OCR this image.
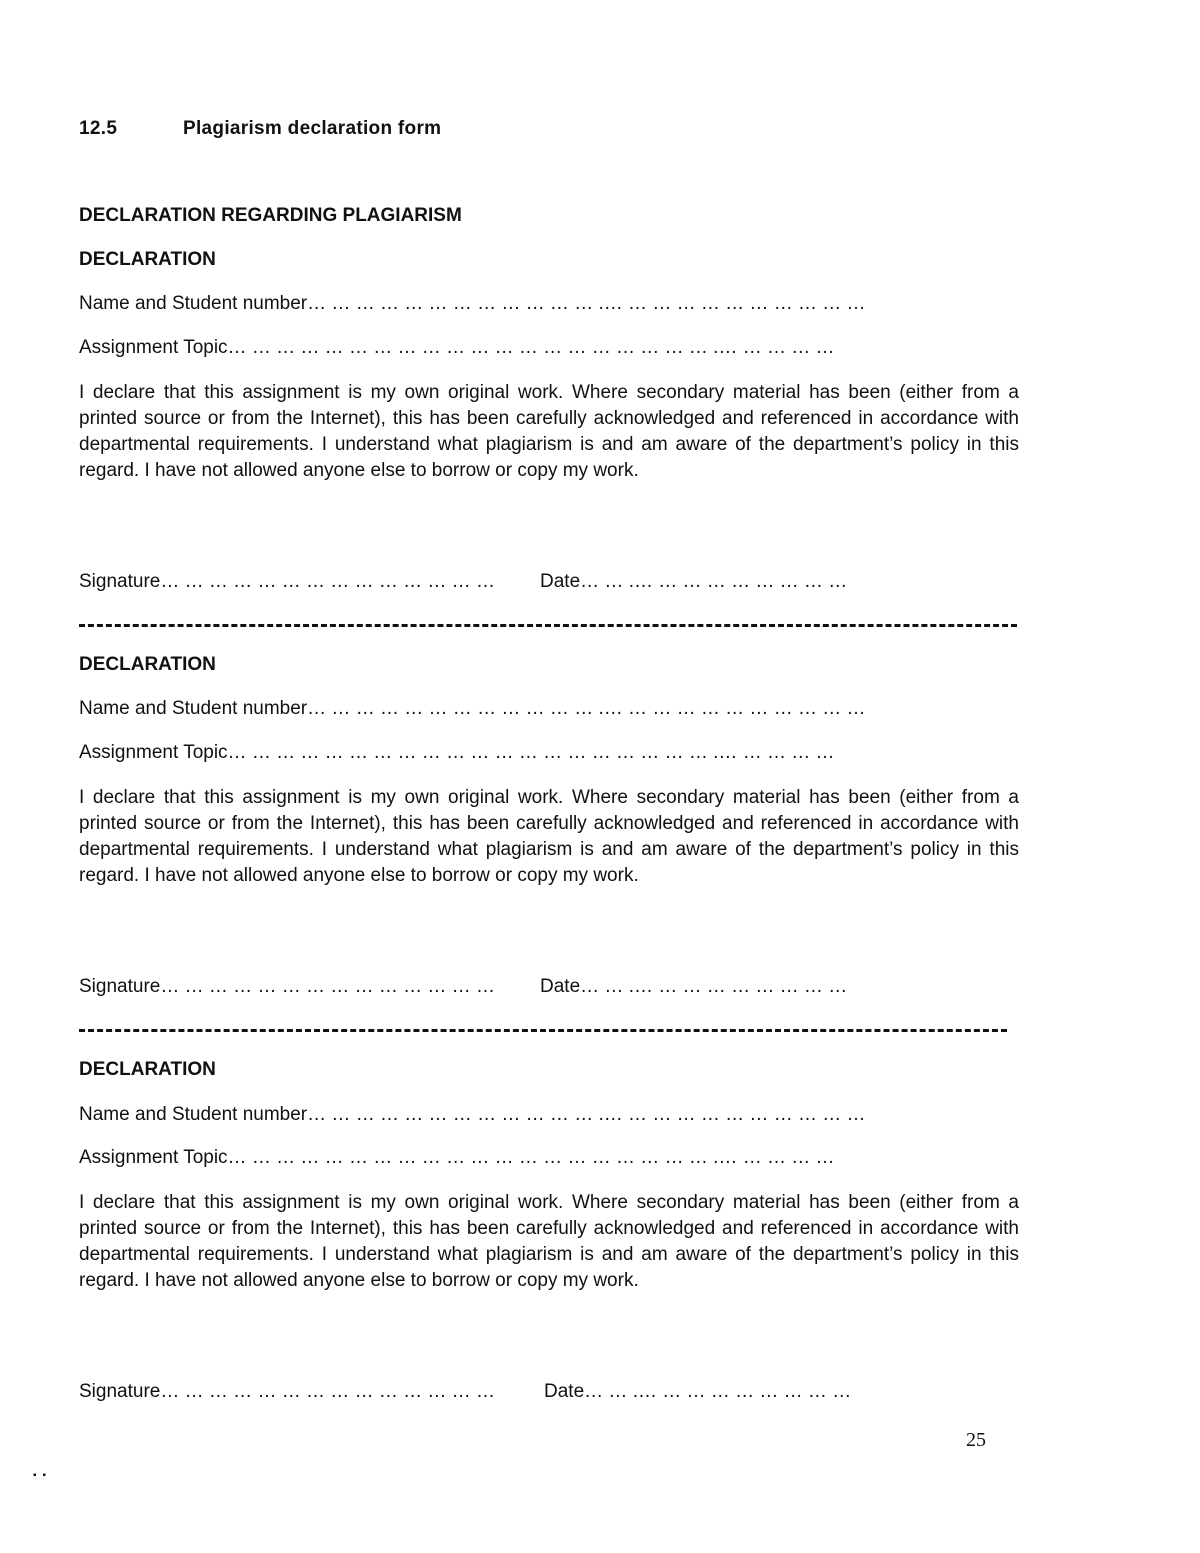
12.5	Plagiarism declaration form
DECLARATION REGARDING PLAGIARISM
DECLARATION
Name and Student number… … … … … … … … … … … … .… … … … … … … … … … …
Assignment Topic… … … … … … … … … … … … … … … … … … … … .… … … … …

I declare that this assignment is my own original work. Where secondary material has been (either from a printed source or from the Internet), this has been carefully acknowledged and referenced in accordance with departmental requirements. I understand what plagiarism is and am aware of the department’s policy in this regard. I have not allowed anyone else to borrow or copy my work.

Signature… … … … … … … … … … … … … … Date… … .… … … … … … … … …
DECLARATION
Name and Student number… … … … … … … … … … … … .… … … … … … … … … … …
Assignment Topic… … … … … … … … … … … … … … … … … … … … .… … … … …

I declare that this assignment is my own original work. Where secondary material has been (either from a printed source or from the Internet), this has been carefully acknowledged and referenced in accordance with departmental requirements. I understand what plagiarism is and am aware of the department’s policy in this regard. I have not allowed anyone else to borrow or copy my work.

Signature… … … … … … … … … … … … … … Date… … .… … … … … … … … …
DECLARATION
Name and Student number… … … … … … … … … … … … .… … … … … … … … … … …
Assignment Topic… … … … … … … … … … … … … … … … … … … … .… … … … …

I declare that this assignment is my own original work. Where secondary material has been (either from a printed source or from the Internet), this has been carefully acknowledged and referenced in accordance with departmental requirements. I understand what plagiarism is and am aware of the department’s policy in this regard. I have not allowed anyone else to borrow or copy my work.

Signature… … … … … … … … … … … … … …	Date… … .… … … … … … … … …
25
▪▪
